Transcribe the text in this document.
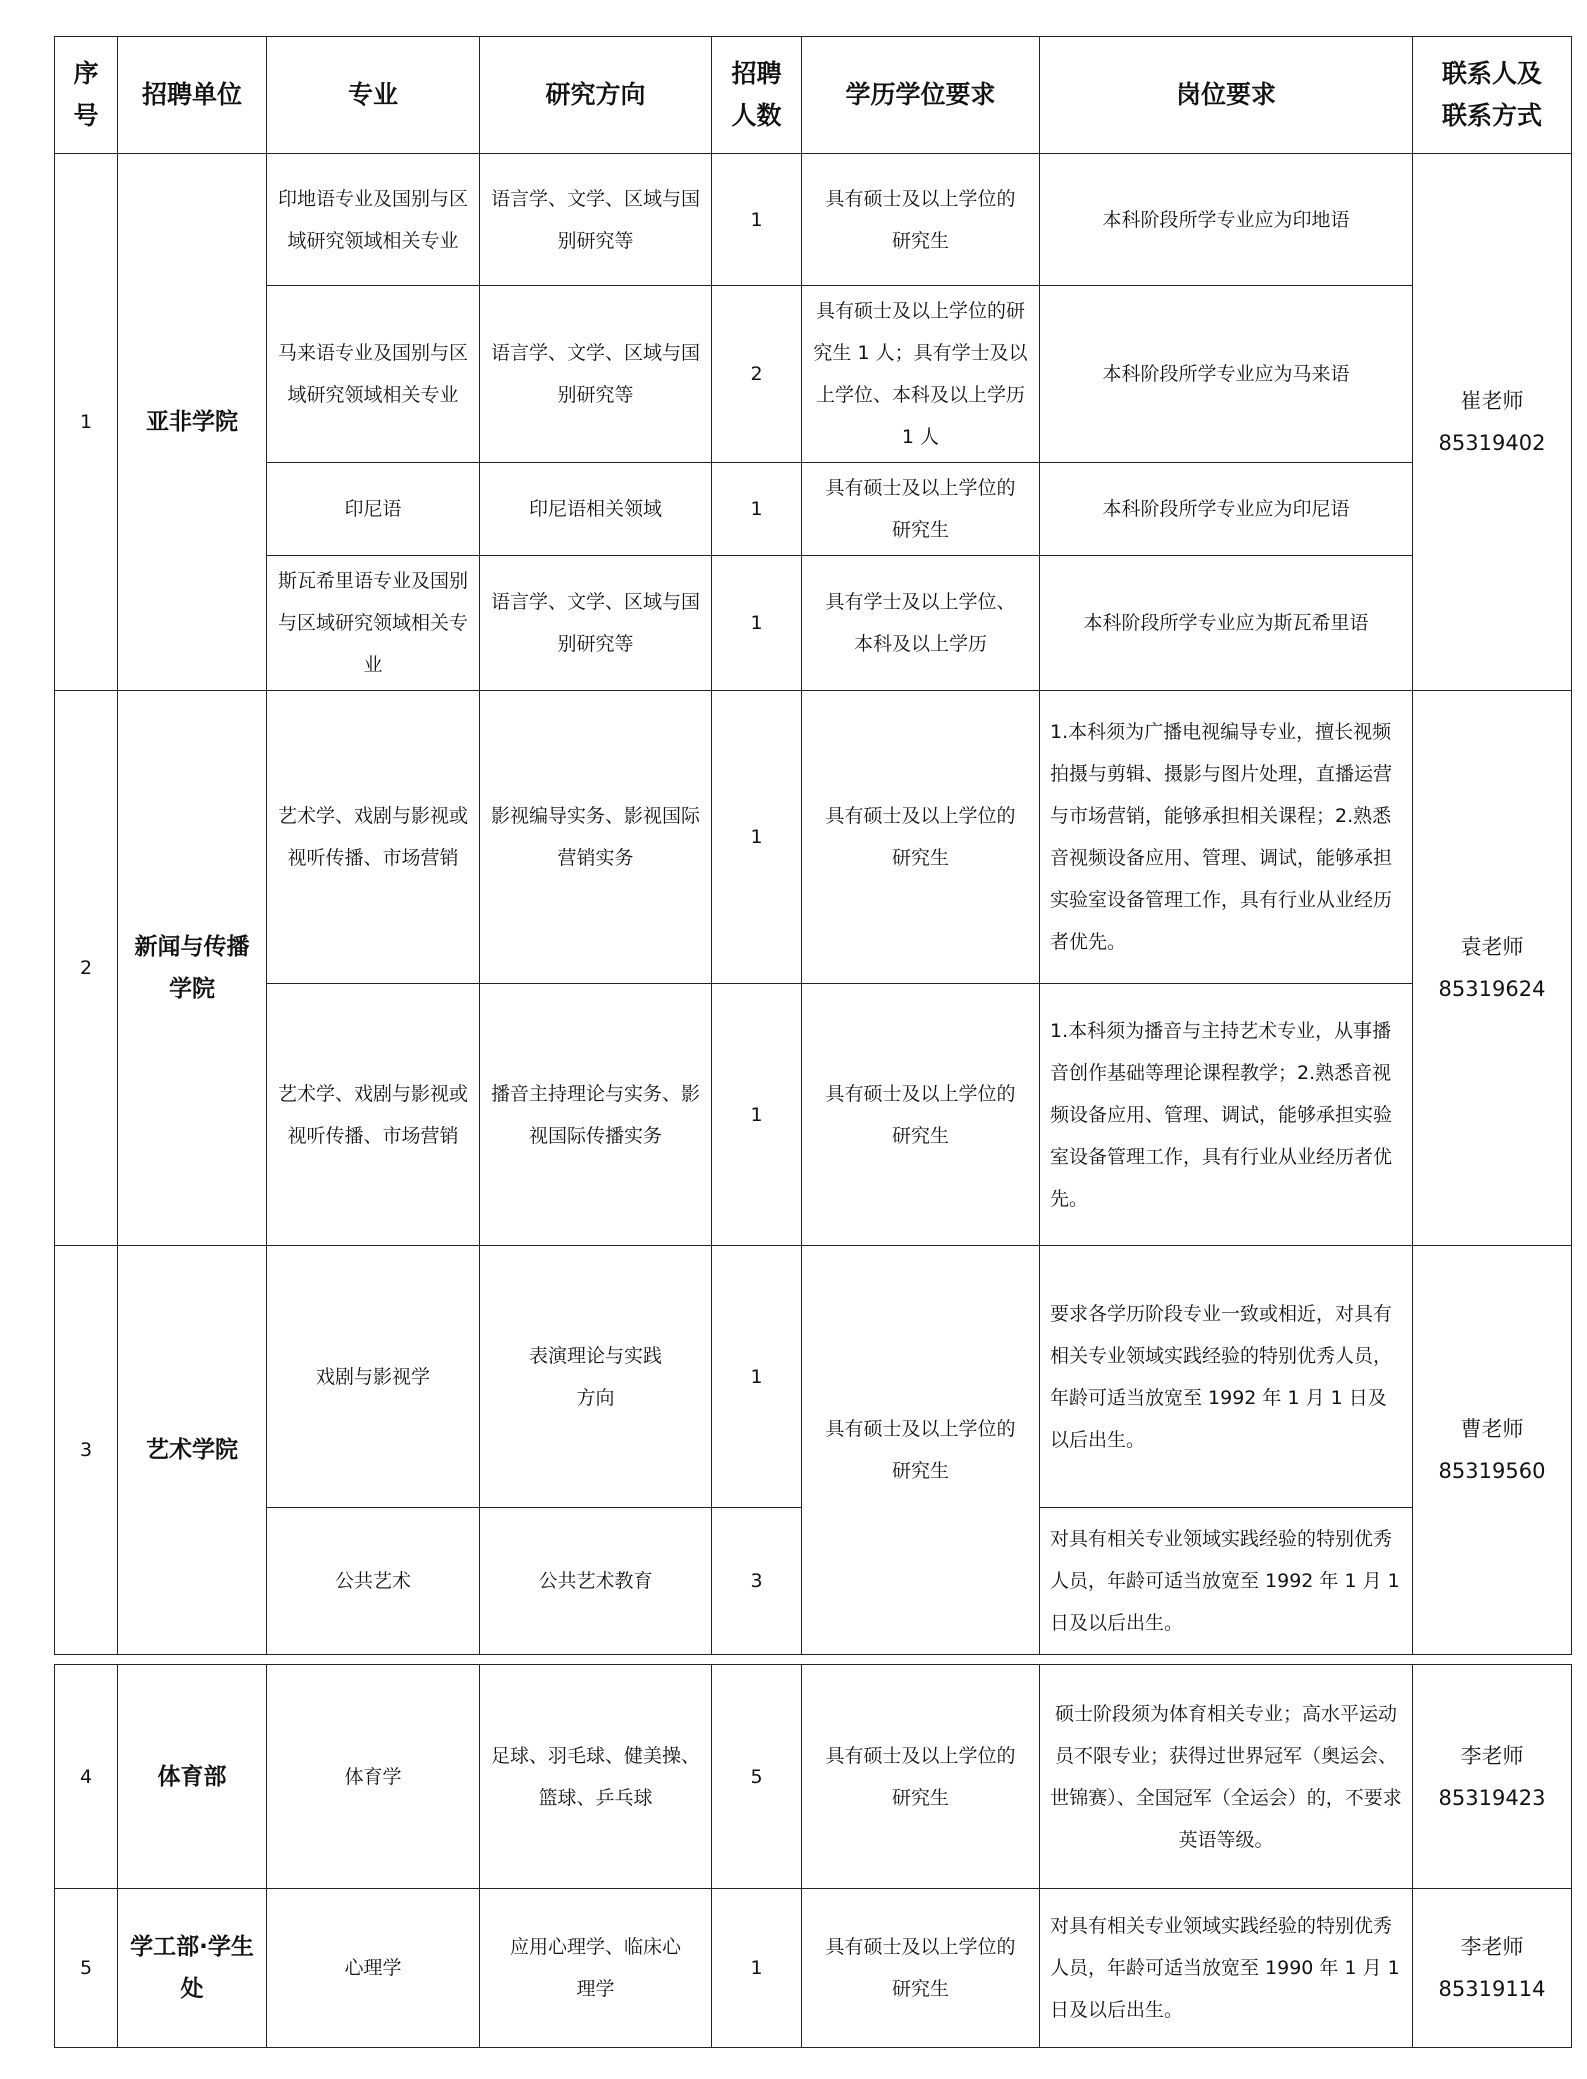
序号	招聘单位	专业	研究方向	招聘人数	学历学位要求	岗位要求	联系人及联系方式
1	亚非学院	印地语专业及国别与区域研究领域相关专业	语言学、文学、区域与国别研究等	1	具有硕士及以上学位的研究生	本科阶段所学专业应为印地语	崔老师
85319402

		马来语专业及国别与区域研究领域相关专业	语言学、文学、区域与国别研究等	2	具有硕士及以上学位的研究生 1 人；具有学士及以上学位、本科及以上学历 1 人	本科阶段所学专业应为马来语	
		印尼语	印尼语相关领域	1	具有硕士及以上学位的研究生	本科阶段所学专业应为印尼语	
		斯瓦希里语专业及国别与区域研究领域相关专业	语言学、文学、区域与国别研究等	1	具有学士及以上学位、本科及以上学历	本科阶段所学专业应为斯瓦希里语	
2	新闻与传播学院	艺术学、戏剧与影视或视听传播、市场营销	影视编导实务、影视国际营销实务	1	具有硕士及以上学位的研究生	1.本科须为广播电视编导专业，擅长视频拍摄与剪辑、摄影与图片处理，直播运营与市场营销，能够承担相关课程；2.熟悉音视频设备应用、管理、调试，能够承担实验室设备管理工作，具有行业从业经历者优先。	袁老师
85319624

		艺术学、戏剧与影视或视听传播、市场营销	播音主持理论与实务、影视国际传播实务	1	具有硕士及以上学位的研究生	1.本科须为播音与主持艺术专业，从事播音创作基础等理论课程教学；2.熟悉音视频设备应用、管理、调试，能够承担实验室设备管理工作，具有行业从业经历者优先。	
3	艺术学院	戏剧与影视学	表演理论与实践方向	1	具有硕士及以上学位的研究生	要求各学历阶段专业一致或相近，对具有相关专业领域实践经验的特别优秀人员，年龄可适当放宽至 1992 年 1 月 1 日及以后出生。	曹老师
85319560

		公共艺术	公共艺术教育	3		对具有相关专业领域实践经验的特别优秀人员，年龄可适当放宽至 1992 年 1 月 1 日及以后出生。	
4	体育部	体育学	足球、羽毛球、健美操、篮球、乒乓球	5	具有硕士及以上学位的研究生	硕士阶段须为体育相关专业；高水平运动员不限专业；获得过世界冠军（奥运会、世锦赛）、全国冠军（全运会）的，不要求英语等级。	李老师
85319423

5	学工部·学生处	心理学	应用心理学、临床心理学	1	具有硕士及以上学位的研究生	对具有相关专业领域实践经验的特别优秀人员，年龄可适当放宽至 1990 年 1 月 1 日及以后出生。	李老师
85319114
